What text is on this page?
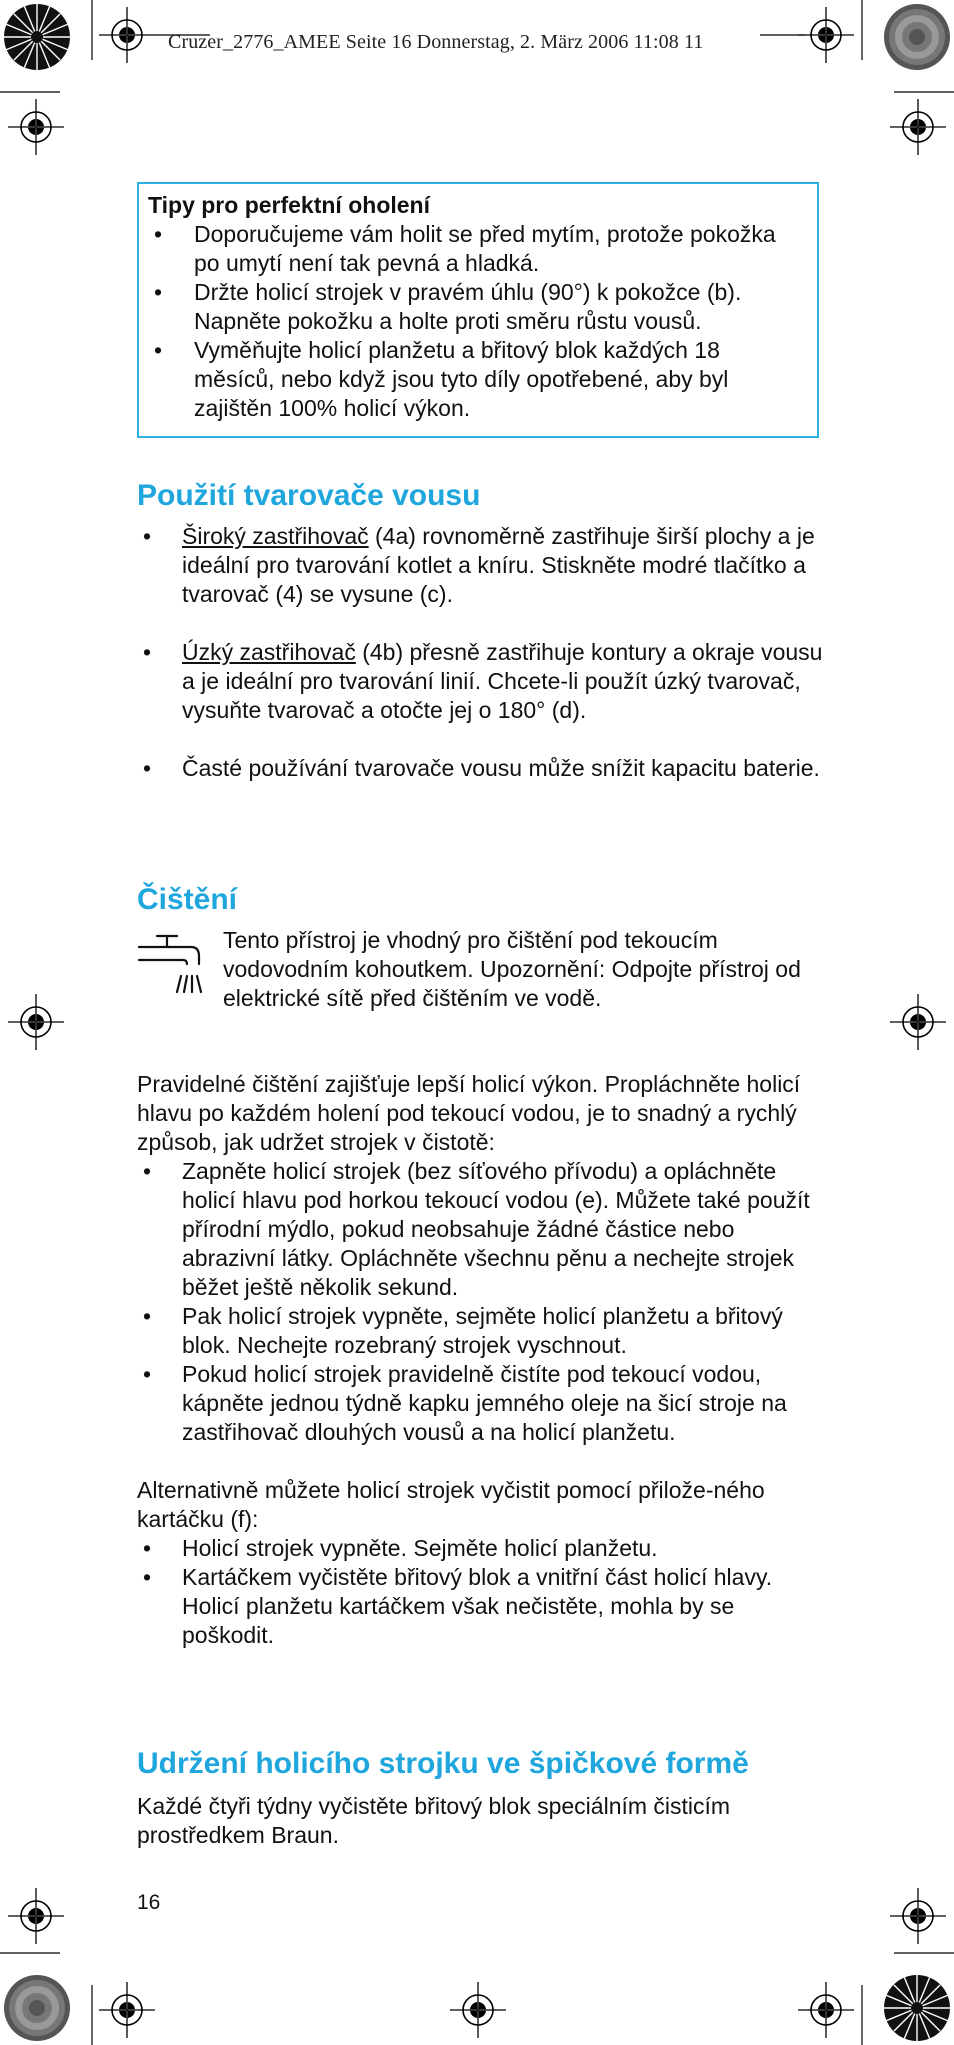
Cruzer_2776_AMEE Seite 16 Donnerstag, 2. März 2006 11:08 11
Tipy pro perfektní oholení
• Doporučujeme vám holit se před mytím, protože pokožka po umytí není tak pevná a hladká.
• Držte holicí strojek v pravém úhlu (90°) k pokožce (b). Napněte pokožku a holte proti směru růstu vousů.
• Vyměňujte holicí planžetu a břitový blok každých 18 měsíců, nebo když jsou tyto díly opotřebené, aby byl zajištěn 100% holicí výkon.
Použití tvarovače vousu
• Široký zastřihovač (4a) rovnoměrně zastřihuje širší plochy a je ideální pro tvarování kotlet a kníru. Stiskněte modré tlačítko a tvarovač (4) se vysune (c).
• Úzký zastřihovač (4b) přesně zastřihuje kontury a okraje vousu a je ideální pro tvarování linií. Chcete-li použít úzký tvarovač, vysuňte tvarovač a otočte jej o 180° (d).
• Časté používání tvarovače vousu může snížit kapacitu baterie.
Čištění
Tento přístroj je vhodný pro čištění pod tekoucím vodovodním kohoutkem. Upozornění: Odpojte přístroj od elektrické sítě před čištěním ve vodě.
Pravidelné čištění zajišťuje lepší holicí výkon. Propláchněte holicí hlavu po každém holení pod tekoucí vodou, je to snadný a rychlý způsob, jak udržet strojek v čistotě:
• Zapněte holicí strojek (bez síťového přívodu) a opláchněte holicí hlavu pod horkou tekoucí vodou (e). Můžete také použít přírodní mýdlo, pokud neobsahuje žádné částice nebo abrazivní látky. Opláchněte všechnu pěnu a nechejte strojek běžet ještě několik sekund.
• Pak holicí strojek vypněte, sejměte holicí planžetu a břitový blok. Nechejte rozebraný strojek vyschnout.
• Pokud holicí strojek pravidelně čistíte pod tekoucí vodou, kápněte jednou týdně kapku jemného oleje na šicí stroje na zastřihovač dlouhých vousů a na holicí planžetu.
Alternativně můžete holicí strojek vyčistit pomocí přilože-ného kartáčku (f):
• Holicí strojek vypněte. Sejměte holicí planžetu.
• Kartáčkem vyčistěte břitový blok a vnitřní část holicí hlavy. Holicí planžetu kartáčkem však nečistěte, mohla by se poškodit.
Udržení holicího strojku ve špičkové formě
Každé čtyři týdny vyčistěte břitový blok speciálním čisticím prostředkem Braun.
16
